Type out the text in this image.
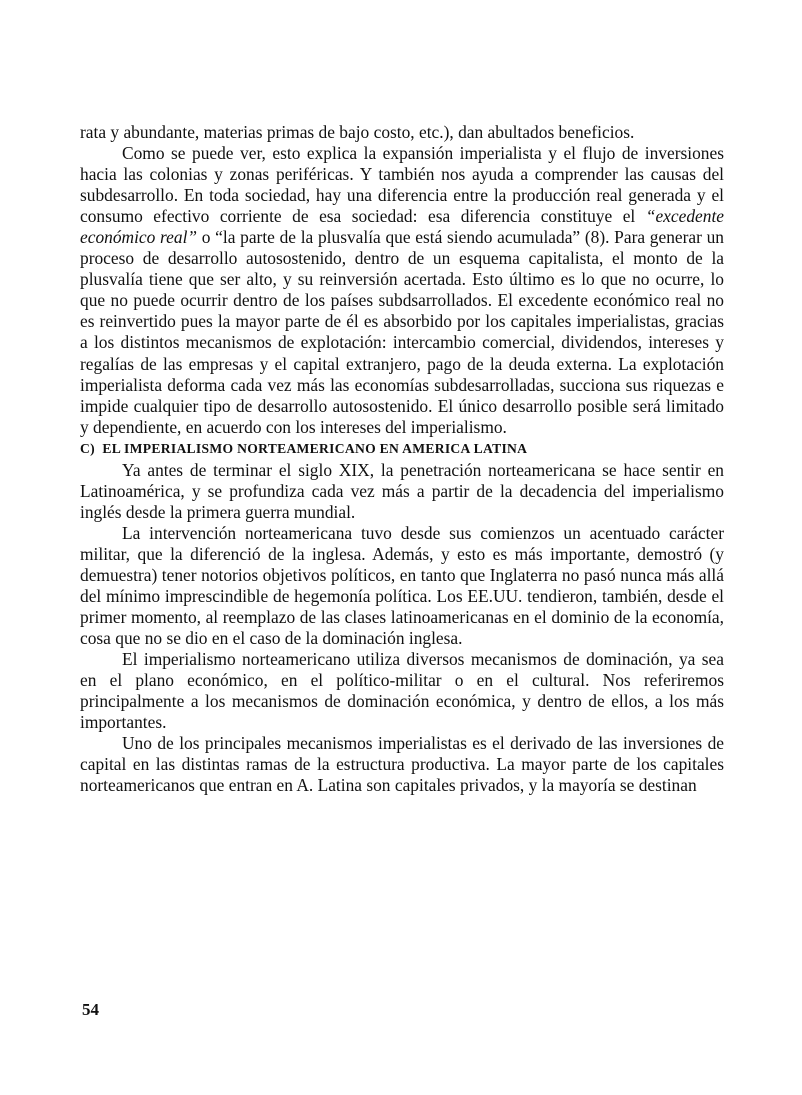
rata y abundante, materias primas de bajo costo, etc.), dan abultados beneficios.

Como se puede ver, esto explica la expansión imperialista y el flujo de inversiones hacia las colonias y zonas periféricas. Y también nos ayuda a comprender las causas del subdesarrollo. En toda sociedad, hay una diferencia entre la producción real generada y el consumo efectivo corriente de esa sociedad: esa diferencia constituye el “excedente económico real” o “la parte de la plusvalía que está siendo acumulada” (8). Para generar un proceso de desarrollo autosostenido, dentro de un esquema capitalista, el monto de la plusvalía tiene que ser alto, y su reinversión acertada. Esto último es lo que no ocurre, lo que no puede ocurrir dentro de los países subdsarrollados. El excedente económico real no es reinvertido pues la mayor parte de él es absorbido por los capitales imperialistas, gracias a los distintos mecanismos de explotación: intercambio comercial, dividendos, intereses y regalías de las empresas y el capital extranjero, pago de la deuda externa. La explotación imperialista deforma cada vez más las economías subdesarrolladas, succiona sus riquezas e impide cualquier tipo de desarrollo autosostenido. El único desarrollo posible será limitado y dependiente, en acuerdo con los intereses del imperialismo.

C) EL IMPERIALISMO NORTEAMERICANO EN AMERICA LATINA

Ya antes de terminar el siglo XIX, la penetración norteamericana se hace sentir en Latinoamérica, y se profundiza cada vez más a partir de la decadencia del imperialismo inglés desde la primera guerra mundial.

La intervención norteamericana tuvo desde sus comienzos un acentuado carácter militar, que la diferenció de la inglesa. Además, y esto es más importante, demostró (y demuestra) tener notorios objetivos políticos, en tanto que Inglaterra no pasó nunca más allá del mínimo imprescindible de hegemonía política. Los EE.UU. tendieron, también, desde el primer momento, al reemplazo de las clases latinoamericanas en el dominio de la economía, cosa que no se dio en el caso de la dominación inglesa.

El imperialismo norteamericano utiliza diversos mecanismos de dominación, ya sea en el plano económico, en el político-militar o en el cultural. Nos referiremos principalmente a los mecanismos de dominación económica, y dentro de ellos, a los más importantes.

Uno de los principales mecanismos imperialistas es el derivado de las inversiones de capital en las distintas ramas de la estructura productiva. La mayor parte de los capitales norteamericanos que entran en A. Latina son capitales privados, y la mayoría se destinan

54
